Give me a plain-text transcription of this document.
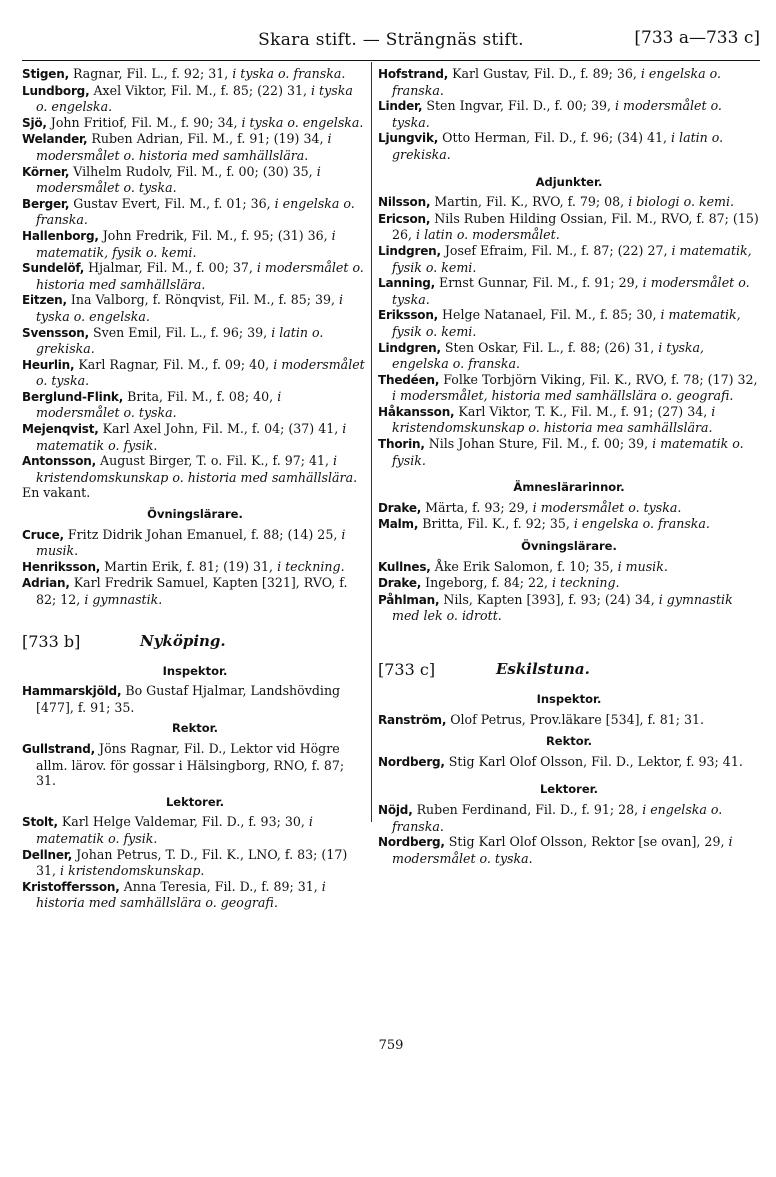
Skara stift. — Strängnäs stift.	[733 a—733 c]

Stigen, Ragnar, Fil. L., f. 92; 31, i tyska o. franska.

Lundborg, Axel Viktor, Fil. M., f. 85; (22) 31, i tyska o. engelska.

Sjö, John Fritiof, Fil. M., f. 90; 34, i tyska o. engelska.

Welander, Ruben Adrian, Fil. M., f. 91; (19) 34, i modersmålet o. historia med samhällslära.

Körner, Vilhelm Rudolv, Fil. M., f. 00; (30) 35, i modersmålet o. tyska.

Berger, Gustav Evert, Fil. M., f. 01; 36, i engelska o. franska.

Hallenborg, John Fredrik, Fil. M., f. 95; (31) 36, i matematik, fysik o. kemi.

Sundelöf, Hjalmar, Fil. M., f. 00; 37, i modersmålet o. historia med samhällslära.

Eitzen, Ina Valborg, f. Rönqvist, Fil. M., f. 85; 39, i tyska o. engelska.

Svensson, Sven Emil, Fil. L., f. 96; 39, i latin o. grekiska.

Heurlin, Karl Ragnar, Fil. M., f. 09; 40, i modersmålet o. tyska.

Berglund-Flink, Brita, Fil. M., f. 08; 40, i modersmålet o. tyska.

Mejenqvist, Karl Axel John, Fil. M., f. 04; (37) 41, i matematik o. fysik.

Antonsson, August Birger, T. o. Fil. K., f. 97; 41, i kristendomskunskap o. historia med samhällslära.

En vakant.

Övningslärare.

Cruce, Fritz Didrik Johan Emanuel, f. 88; (14) 25, i musik.

Henriksson, Martin Erik, f. 81; (19) 31, i teckning.

Adrian, Karl Fredrik Samuel, Kapten [321], RVO, f. 82; 12, i gymnastik.

[733 b]	Nyköping.
Inspektor.

Hammarskjöld, Bo Gustaf Hjalmar, Landshövding [477], f. 91; 35.

Rektor.

Gullstrand, Jöns Ragnar, Fil. D., Lektor vid Högre allm. lärov. för gossar i Hälsingborg, RNO, f. 87; 31.

Lektorer.

Stolt, Karl Helge Valdemar, Fil. D., f. 93; 30, i matematik o. fysik.

Dellner, Johan Petrus, T. D., Fil. K., LNO, f. 83; (17) 31, i kristendomskunskap.

Kristoffersson, Anna Teresia, Fil. D., f. 89; 31, i historia med samhällslära o. geografi.

Hofstrand, Karl Gustav, Fil. D., f. 89; 36, i engelska o. franska.

Linder, Sten Ingvar, Fil. D., f. 00; 39, i modersmålet o. tyska.

Ljungvik, Otto Herman, Fil. D., f. 96; (34) 41, i latin o. grekiska.

Adjunkter.

Nilsson, Martin, Fil. K., RVO, f. 79; 08, i biologi o. kemi.

Ericson, Nils Ruben Hilding Ossian, Fil. M., RVO, f. 87; (15) 26, i latin o. modersmålet.

Lindgren, Josef Efraim, Fil. M., f. 87; (22) 27, i matematik, fysik o. kemi.

Lanning, Ernst Gunnar, Fil. M., f. 91; 29, i modersmålet o. tyska.

Eriksson, Helge Natanael, Fil. M., f. 85; 30, i matematik, fysik o. kemi.

Lindgren, Sten Oskar, Fil. L., f. 88; (26) 31, i tyska, engelska o. franska.

Thedéen, Folke Torbjörn Viking, Fil. K., RVO, f. 78; (17) 32, i modersmålet, historia med samhällslära o. geografi.

Håkansson, Karl Viktor, T. K., Fil. M., f. 91; (27) 34, i kristendomskunskap o. historia mea samhällslära.

Thorin, Nils Johan Sture, Fil. M., f. 00; 39, i matematik o. fysik.

Ämneslärarinnor.

Drake, Märta, f. 93; 29, i modersmålet o. tyska.

Malm, Britta, Fil. K., f. 92; 35, i engelska o. franska.

Övningslärare.

Kullnes, Åke Erik Salomon, f. 10; 35, i musik.

Drake, Ingeborg, f. 84; 22, i teckning.

Påhlman, Nils, Kapten [393], f. 93; (24) 34, i gymnastik med lek o. idrott.

[733 c]	Eskilstuna.
Inspektor.

Ranström, Olof Petrus, Prov.läkare [534], f. 81; 31.

Rektor.

Nordberg, Stig Karl Olof Olsson, Fil. D., Lektor, f. 93; 41.

Lektorer.

Nöjd, Ruben Ferdinand, Fil. D., f. 91; 28, i engelska o. franska.

Nordberg, Stig Karl Olof Olsson, Rektor [se ovan], 29, i modersmålet o. tyska.

759
